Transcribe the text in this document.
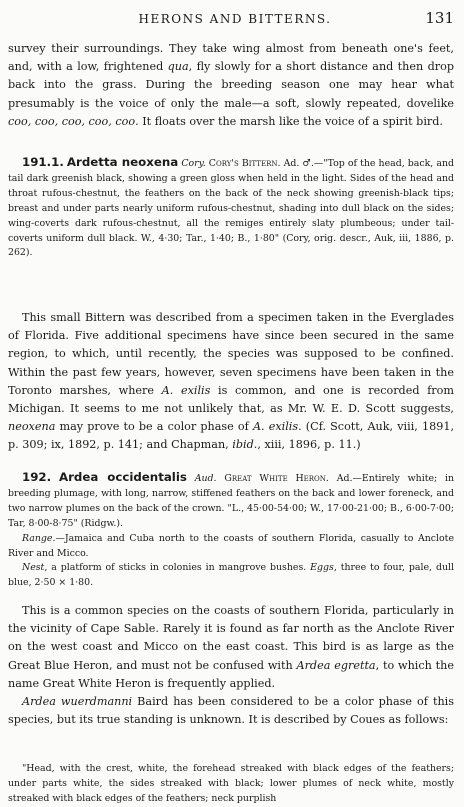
HERONS AND BITTERNS.	131

survey their surroundings. They take wing almost from beneath one's feet, and, with a low, frightened qua, fly slowly for a short distance and then drop back into the grass. During the breeding season one may hear what presumably is the voice of only the male—a soft, slowly repeated, dovelike coo, coo, coo, coo, coo. It floats over the marsh like the voice of a spirit bird.

191.1. Ardetta neoxena Cory. Cory's Bittern. Ad. ♂.—"Top of the head, back, and tail dark greenish black, showing a green gloss when held in the light. Sides of the head and throat rufous-chestnut, the feathers on the back of the neck showing greenish-black tips; breast and under parts nearly uniform rufous-chestnut, shading into dull black on the sides; wing-coverts dark rufous-chestnut, all the remiges entirely slaty plumbeous; under tail-coverts uniform dull black. W., 4·30; Tar., 1·40; B., 1·80" (Cory, orig. descr., Auk, iii, 1886, p. 262).

This small Bittern was described from a specimen taken in the Everglades of Florida. Five additional specimens have since been secured in the same region, to which, until recently, the species was supposed to be confined. Within the past few years, however, seven specimens have been taken in the Toronto marshes, where A. exilis is common, and one is recorded from Michigan. It seems to me not unlikely that, as Mr. W. E. D. Scott suggests, neoxena may prove to be a color phase of A. exilis. (Cf. Scott, Auk, viii, 1891, p. 309; ix, 1892, p. 141; and Chapman, ibid., xiii, 1896, p. 11.)

192. Ardea occidentalis Aud. Great White Heron. Ad.—Entirely white; in breeding plumage, with long, narrow, stiffened feathers on the back and lower foreneck, and two narrow plumes on the back of the crown. "L., 45·00-54·00; W., 17·00-21·00; B., 6·00-7·00; Tar, 8·00-8·75" (Ridgw.).

Range.—Jamaica and Cuba north to the coasts of southern Florida, casually to Anclote River and Micco.

Nest, a platform of sticks in colonies in mangrove bushes. Eggs, three to four, pale, dull blue, 2·50 × 1·80.

This is a common species on the coasts of southern Florida, particularly in the vicinity of Cape Sable. Rarely it is found as far north as the Anclote River on the west coast and Micco on the east coast. This bird is as large as the Great Blue Heron, and must not be confused with Ardea egretta, to which the name Great White Heron is frequently applied.

Ardea wuerdmanni Baird has been considered to be a color phase of this species, but its true standing is unknown. It is described by Coues as follows:

"Head, with the crest, white, the forehead streaked with black edges of the feathers; under parts white, the sides streaked with black; lower plumes of neck white, mostly streaked with black edges of the feathers; neck purplish
